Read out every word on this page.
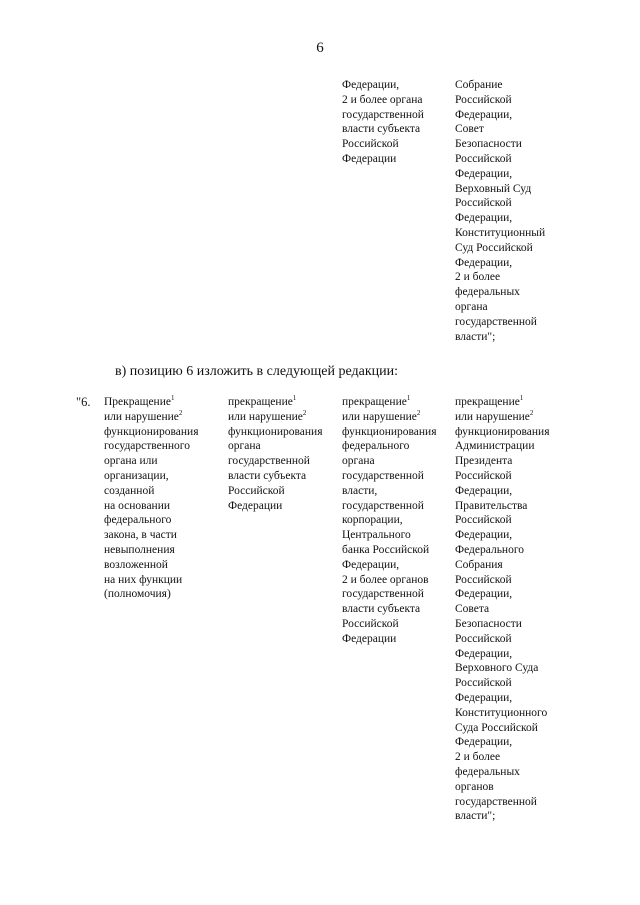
6
Федерации,
2 и более органа
государственной
власти субъекта
Российской
Федерации
Собрание
Российской
Федерации,
Совет
Безопасности
Российской
Федерации,
Верховный Суд
Российской
Федерации,
Конституционный
Суд Российской
Федерации,
2 и более
федеральных
органа
государственной
власти";
в) позицию 6 изложить в следующей редакции:
"6. Прекращение$^1$
или нарушение$^2$
функционирования
государственного
органа или
организации,
созданной
на основании
федерального
закона, в части
невыполнения
возложенной
на них функции
(полномочия)
прекращение$^1$
или нарушение$^2$
функционирования
органа
государственной
власти субъекта
Российской
Федерации
прекращение$^1$
или нарушение$^2$
функционирования
федерального
органа
государственной
власти,
государственной
корпорации,
Центрального
банка Российской
Федерации,
2 и более органов
государственной
власти субъекта
Российской
Федерации
прекращение$^1$
или нарушение$^2$
функционирования
Администрации
Президента
Российской
Федерации,
Правительства
Российской
Федерации,
Федерального
Собрания
Российской
Федерации,
Совета
Безопасности
Российской
Федерации,
Верховного Суда
Российской
Федерации,
Конституционного
Суда Российской
Федерации,
2 и более
федеральных
органов
государственной
власти";
